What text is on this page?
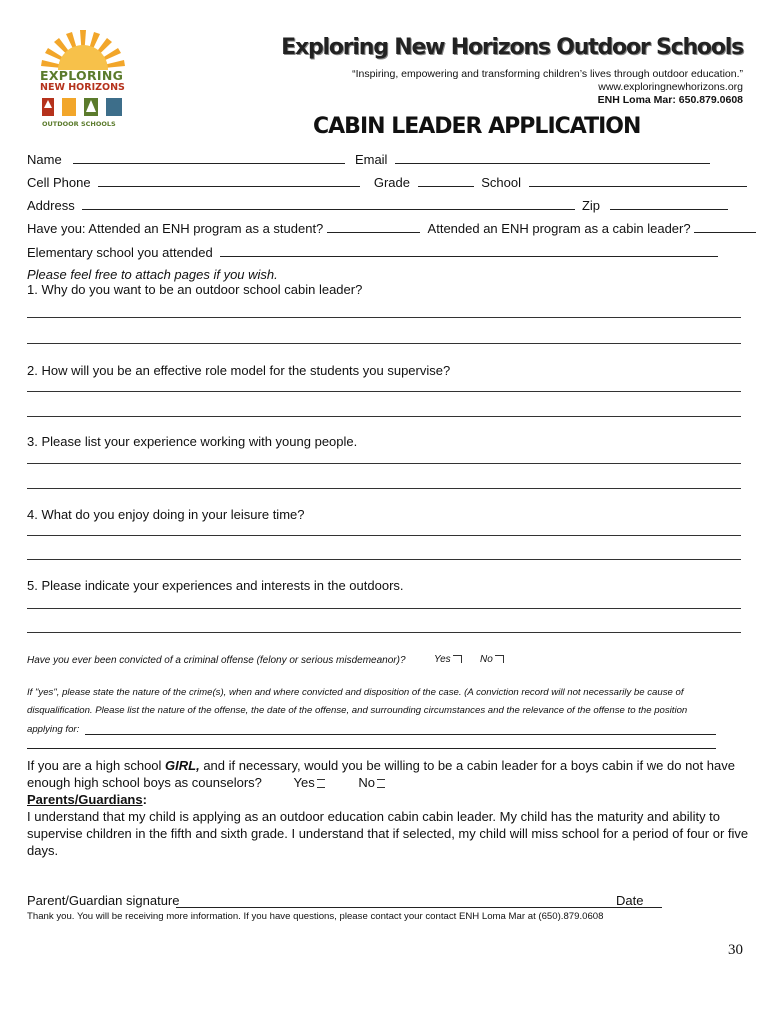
EXPLORING
NEW HORIZONS
OUTDOOR SCHOOLS
Exploring New Horizons Outdoor Schools
“Inspiring, empowering and transforming children’s lives through outdoor education.”
www.exploringnewhorizons.org
ENH Loma Mar: 650.879.0608
CABIN LEADER APPLICATION
Name	Email
Cell Phone	Grade	School
Address	Zip
Have you: Attended an ENH program as a student?	Attended an ENH program as a cabin leader?
Elementary school you attended
Please feel free to attach pages if you wish.
1. Why do you want to be an outdoor school cabin leader?
2. How will you be an effective role model for the students you supervise?
3. Please list your experience working with young people.
4. What do you enjoy doing in your leisure time?
5. Please indicate your experiences and interests in the outdoors.
Have you ever been convicted of a criminal offense (felony or serious misdemeanor)?	Yes	No
If "yes", please state the nature of the crime(s), when and where convicted and disposition of the case. (A conviction record will not necessarily be cause of
disqualification. Please list the nature of the offense, the date of the offense, and surrounding circumstances and the relevance of the offense to the position
applying for:
If you are a high school GIRL, and if necessary, would you be willing to be a cabin leader for a boys cabin if we do not have
enough high school boys as counselors? Yes	No
Parents/Guardians:
I understand that my child is applying as an outdoor education cabin cabin leader. My child has the maturity and ability to
supervise children in the fifth and sixth grade. I understand that if selected, my child will miss school for a period of four or five
days.
Parent/Guardian signature	Date
Thank you. You will be receiving more information. If you have questions, please contact your contact ENH Loma Mar at (650).879.0608
30
